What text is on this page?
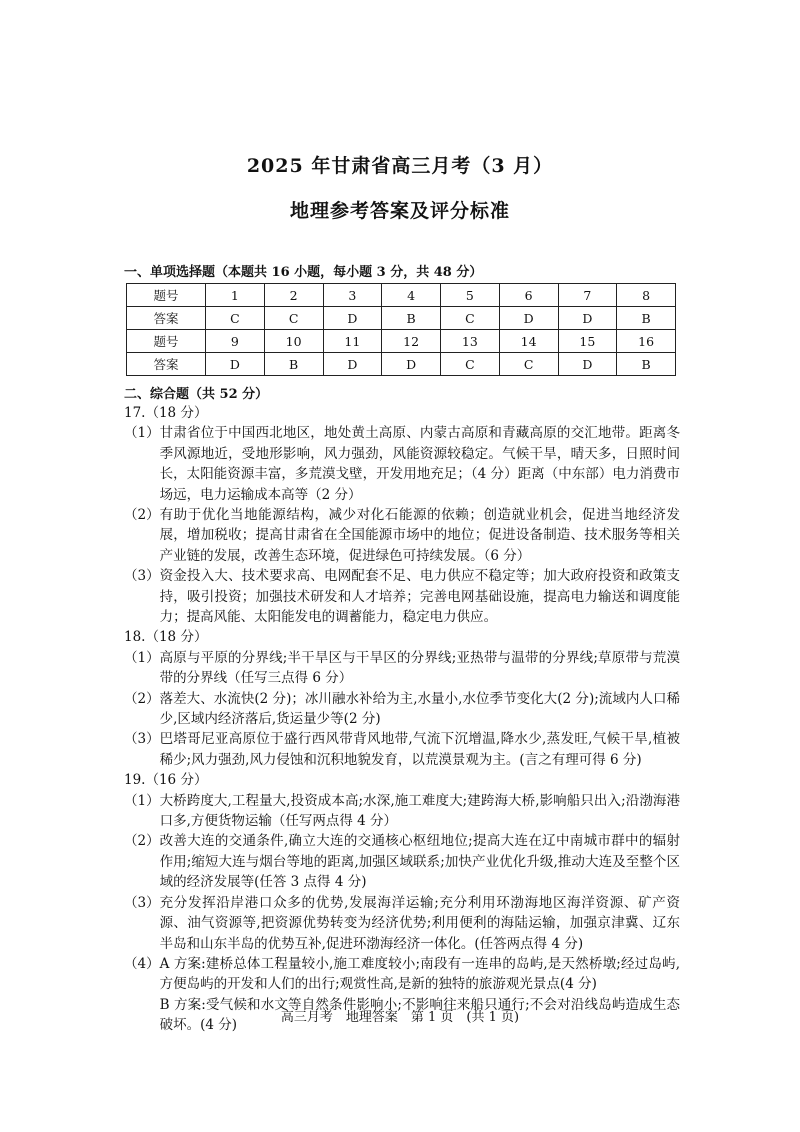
2025 年甘肃省高三月考（3 月）
地理参考答案及评分标准
一、单项选择题（本题共 16 小题，每小题 3 分，共 48 分）
题号	1	2	3	4	5	6	7	8
答案	C	C	D	B	C	D	D	B
题号	9	10	11	12	13	14	15	16
答案	D	B	D	D	C	C	D	B
二、综合题（共 52 分）
17.（18 分）
（1） 甘肃省位于中国西北地区，地处黄土高原、内蒙古高原和青藏高原的交汇地带。距离冬季风源地近，受地形影响，风力强劲，风能资源较稳定。气候干旱，晴天多，日照时间长，太阳能资源丰富，多荒漠戈壁，开发用地充足；（4 分）距离（中东部）电力消费市场远，电力运输成本高等（2 分）
（2） 有助于优化当地能源结构，减少对化石能源的依赖；创造就业机会，促进当地经济发展，增加税收；提高甘肃省在全国能源市场中的地位；促进设备制造、技术服务等相关产业链的发展，改善生态环境，促进绿色可持续发展。（6 分）
（3） 资金投入大、技术要求高、电网配套不足、电力供应不稳定等；加大政府投资和政策支持，吸引投资；加强技术研发和人才培养；完善电网基础设施，提高电力输送和调度能力；提高风能、太阳能发电的调蓄能力，稳定电力供应。
18.（18 分）
（1） 高原与平原的分界线;半干旱区与干旱区的分界线;亚热带与温带的分界线;草原带与荒漠带的分界线（任写三点得 6 分）
（2） 落差大、水流快(2 分)；冰川融水补给为主,水量小,水位季节变化大(2 分);流域内人口稀少,区域内经济落后,货运量少等(2 分)
（3） 巴塔哥尼亚高原位于盛行西风带背风地带,气流下沉增温,降水少,蒸发旺,气候干旱,植被稀少;风力强劲,风力侵蚀和沉积地貌发育，以荒漠景观为主。(言之有理可得 6 分)
19.（16 分）
（1） 大桥跨度大,工程量大,投资成本高;水深,施工难度大;建跨海大桥,影响船只出入;沿渤海港口多,方便货物运输（任写两点得 4 分）
（2） 改善大连的交通条件,确立大连的交通核心枢纽地位;提高大连在辽中南城市群中的辐射作用;缩短大连与烟台等地的距离,加强区域联系;加快产业优化升级,推动大连及至整个区域的经济发展等(任答 3 点得 4 分)
（3） 充分发挥沿岸港口众多的优势,发展海洋运输;充分利用环渤海地区海洋资源、矿产资源、油气资源等,把资源优势转变为经济优势;利用便利的海陆运输，加强京津冀、辽东半岛和山东半岛的优势互补,促进环渤海经济一体化。(任答两点得 4 分)
（4） A 方案:建桥总体工程量较小,施工难度较小;南段有一连串的岛屿,是天然桥墩;经过岛屿,方便岛屿的开发和人们的出行;观赏性高,是新的独特的旅游观光景点(4 分)
B 方案:受气候和水文等自然条件影响小;不影响往来船只通行;不会对沿线岛屿造成生态破坏。(4 分)	高三月考　地理答案　第 1 页　(共 1 页)
